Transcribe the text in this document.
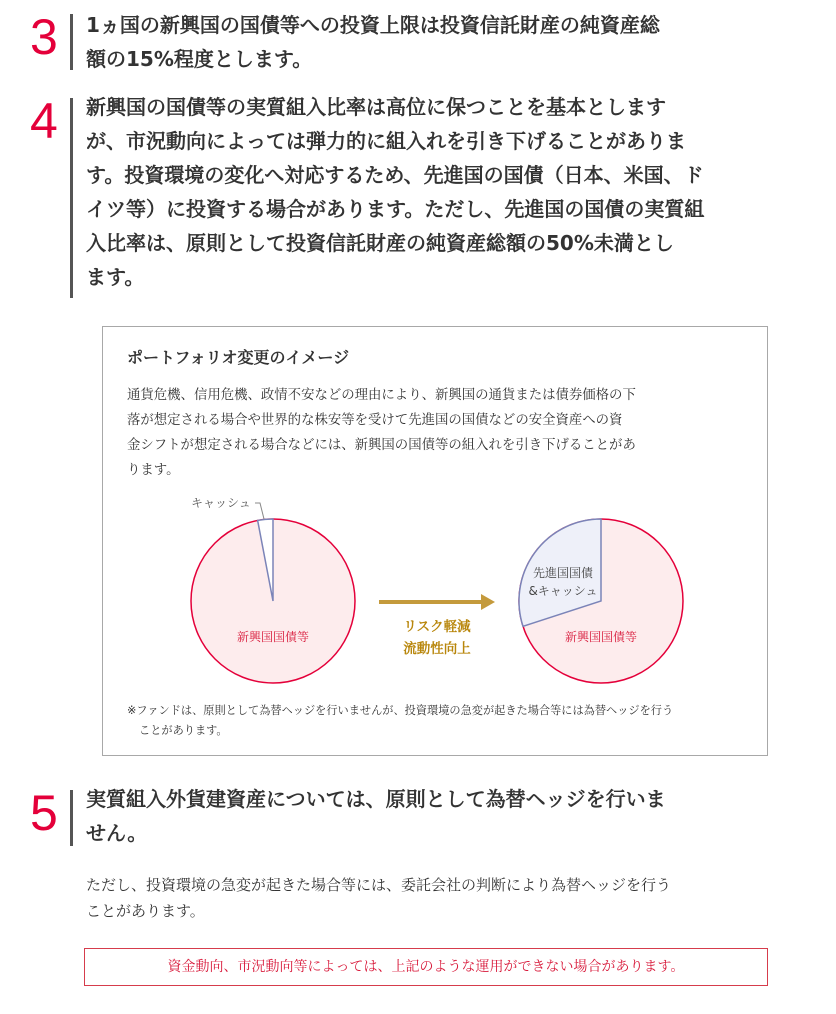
3 1ヵ国の新興国の国債等への投資上限は投資信託財産の純資産総
額の15%程度とします。
4 新興国の国債等の実質組入比率は高位に保つことを基本とします
が、市況動向によっては弾力的に組入れを引き下げることがありま
す。投資環境の変化へ対応するため、先進国の国債（日本、米国、ド
イツ等）に投資する場合があります。ただし、先進国の国債の実質組
入比率は、原則として投資信託財産の純資産総額の50%未満とし
ます。
ポートフォリオ変更のイメージ
通貨危機、信用危機、政情不安などの理由により、新興国の通貨または債券価格の下
落が想定される場合や世界的な株安等を受けて先進国の国債などの安全資産への資
金シフトが想定される場合などには、新興国の国債等の組入れを引き下げることがあ
ります。
キャッシュ
新興国国債等
リスク軽減
流動性向上
先進国国債
&キャッシュ
新興国国債等
※ファンドは、原則として為替ヘッジを行いませんが、投資環境の急変が起きた場合等には為替ヘッジを行う
ことがあります。
5 実質組入外貨建資産については、原則として為替ヘッジを行いま
せん。
ただし、投資環境の急変が起きた場合等には、委託会社の判断により為替ヘッジを行う
ことがあります。
資金動向、市況動向等によっては、上記のような運用ができない場合があります。
